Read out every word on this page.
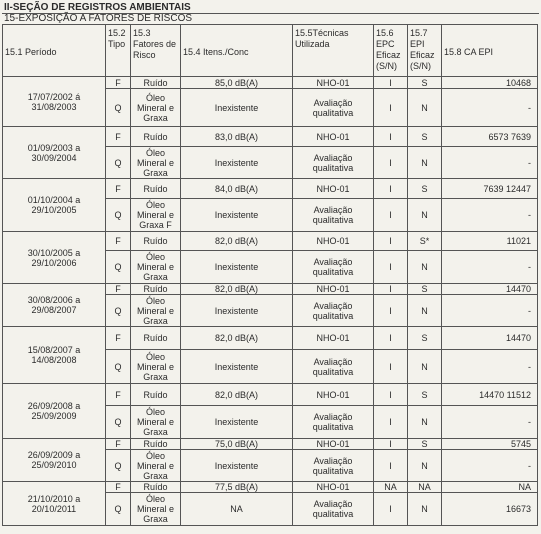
II-SEÇÃO DE REGISTROS AMBIENTAIS
15-EXPOSIÇÃO A FATORES DE RISCOS
15.1 Período	15.2 Tipo	15.3 Fatores de Risco	15.4 Itens./Conc	15.5Técnicas Utilizada	15.6 EPC Eficaz (S/N)	15.7 EPI Eficaz (S/N)	15.8 CA EPI
17/07/2002 á 31/08/2003	F	Ruído	85,0 dB(A)	NHO-01	I	S	10468
	Q	Óleo Mineral e Graxa	Inexistente	Avaliação qualitativa	I	N	-
01/09/2003 a 30/09/2004	F	Ruído	83,0 dB(A)	NHO-01	I	S	6573 7639
	Q	Óleo Mineral e Graxa	Inexistente	Avaliação qualitativa	I	N	-
01/10/2004 a 29/10/2005	F	Ruído	84,0 dB(A)	NHO-01	I	S	7639 12447
	Q	Óleo Mineral e Graxa F	Inexistente	Avaliação qualitativa	I	N	-
30/10/2005 a 29/10/2006	F	Ruído	82,0 dB(A)	NHO-01	I	S*	11021
	Q	Óleo Mineral e Graxa	Inexistente	Avaliação qualitativa	I	N	-
30/08/2006 a 29/08/2007	F	Ruído	82,0 dB(A)	NHO-01	I	S	14470
	Q	Óleo Mineral e Graxa	Inexistente	Avaliação qualitativa	I	N	-
15/08/2007 a 14/08/2008	F	Ruído	82,0 dB(A)	NHO-01	I	S	14470
	Q	Óleo Mineral e Graxa	Inexistente	Avaliação qualitativa	I	N	-
26/09/2008 a 25/09/2009	F	Ruído	82,0 dB(A)	NHO-01	I	S	14470 11512
	Q	Óleo Mineral e Graxa	Inexistente	Avaliação qualitativa	I	N	-
26/09/2009 a 25/09/2010	F	Ruído	75,0 dB(A)	NHO-01	I	S	5745
	Q	Óleo Mineral e Graxa	Inexistente	Avaliação qualitativa	I	N	-
21/10/2010 a 20/10/2011	F	Ruído	77,5 dB(A)	NHO-01	NA	NA	NA
	Q	Óleo Mineral e Graxa	NA	Avaliação qualitativa	I	N	16673
